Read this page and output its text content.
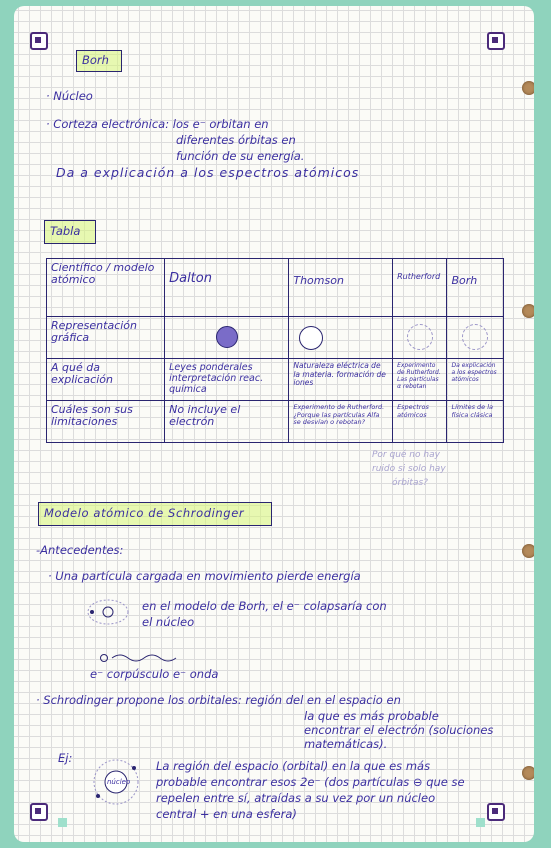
Borh
· Núcleo
· Corteza electrónica: los e⁻ orbitan en
diferentes órbitas en
función de su energía.
Da a explicación a los espectros atómicos
Tabla
Científico / modelo atómico	Dalton	Thomson	Rutherford	Borh
Representación gráfica				
A qué da explicación	Leyes ponderales interpretación reac. química	Naturaleza eléctrica de la materia. formación de iones	Experimento de Rutherford. Las partículas α rebotan	Da explicación a los espectros atómicos
Cuáles son sus limitaciones	No incluye el electrón	Experimento de Rutherford. ¿Porque las partículas Alfa se desvían o rebotan?	Espectros atómicos	Límites de la física clásica
Por qué no hay
ruido si solo hay
órbitas?
Modelo atómico de Schrodinger
-Antecedentes:
· Una partícula cargada en movimiento pierde energía
en el modelo de Borh, el e⁻ colapsaría con
el núcleo
e⁻ corpúsculo e⁻ onda
· Schrodinger propone los orbitales: región del en el espacio en
la que es más probable
encontrar el electrón (soluciones
matemáticas).
Ej:
núcleo
La región del espacio (orbital) en la que es más
probable encontrar esos 2e⁻ (dos partículas ⊖ que se
repelen entre sí, atraídas a su vez por un núcleo
central + en una esfera)
